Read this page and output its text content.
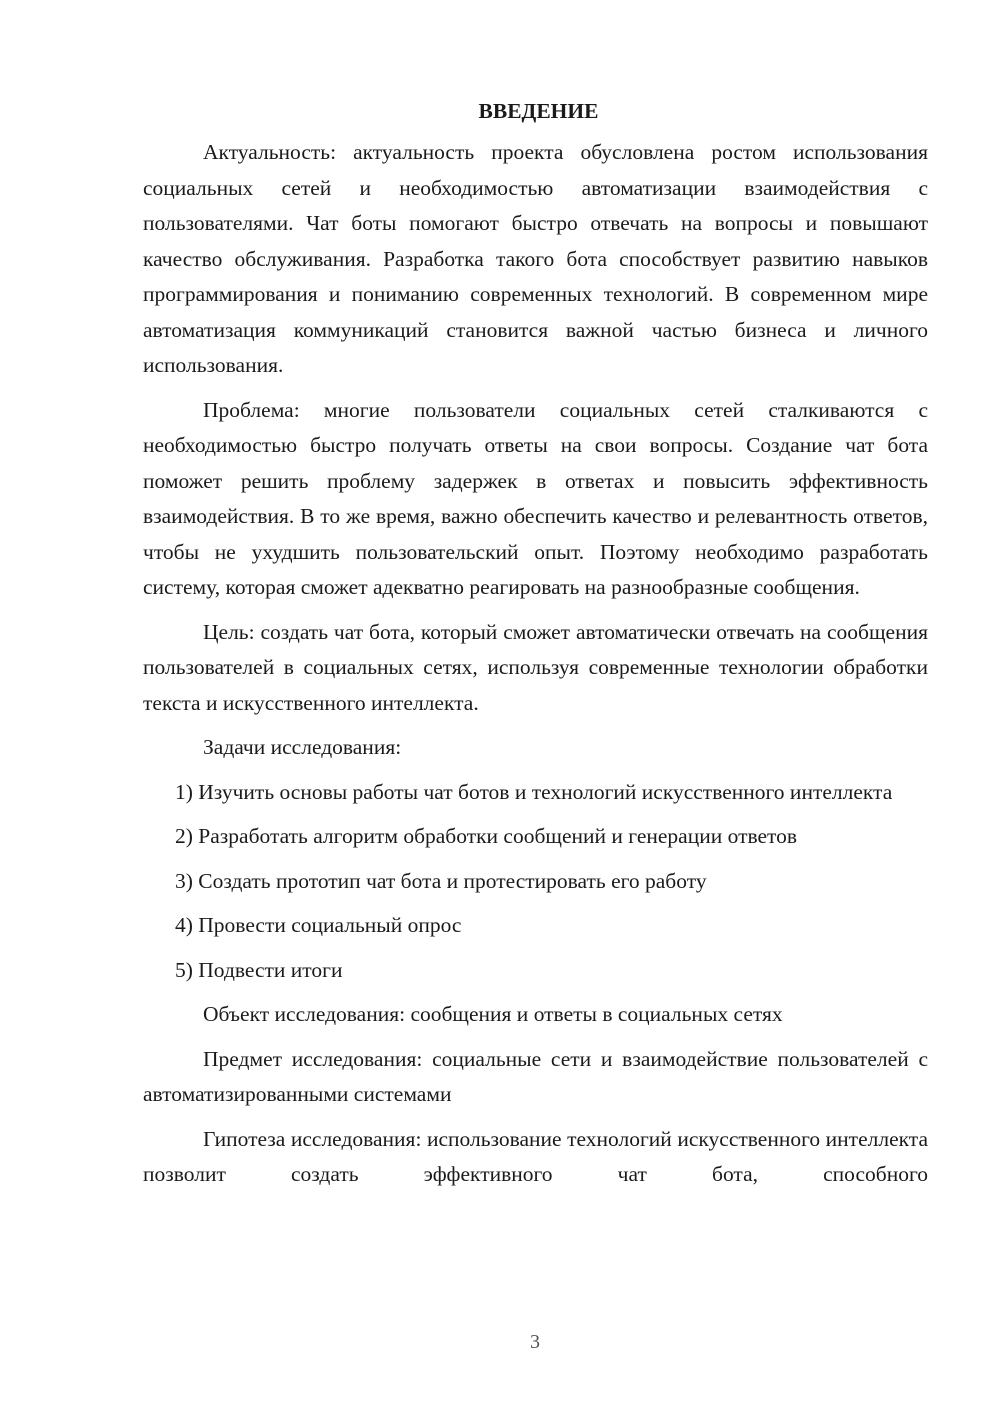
ВВЕДЕНИЕ

Актуальность: актуальность проекта обусловлена ростом использования социальных сетей и необходимостью автоматизации взаимодействия с пользователями. Чат боты помогают быстро отвечать на вопросы и повышают качество обслуживания. Разработка такого бота способствует развитию навыков программирования и пониманию современных технологий. В современном мире автоматизация коммуникаций становится важной частью бизнеса и личного использования.

Проблема: многие пользователи социальных сетей сталкиваются с необходимостью быстро получать ответы на свои вопросы. Создание чат бота поможет решить проблему задержек в ответах и повысить эффективность взаимодействия. В то же время, важно обеспечить качество и релевантность ответов, чтобы не ухудшить пользовательский опыт. Поэтому необходимо разработать систему, которая сможет адекватно реагировать на разнообразные сообщения.

Цель: создать чат бота, который сможет автоматически отвечать на сообщения пользователей в социальных сетях, используя современные технологии обработки текста и искусственного интеллекта.

Задачи исследования:

1) Изучить основы работы чат ботов и технологий искусственного интеллекта

2) Разработать алгоритм обработки сообщений и генерации ответов

3) Создать прототип чат бота и протестировать его работу

4) Провести социальный опрос

5) Подвести итоги

Объект исследования: сообщения и ответы в социальных сетях

Предмет исследования: социальные сети и взаимодействие пользователей с автоматизированными системами

Гипотеза исследования: использование технологий искусственного интеллекта позволит создать эффективного чат бота, способного

3
